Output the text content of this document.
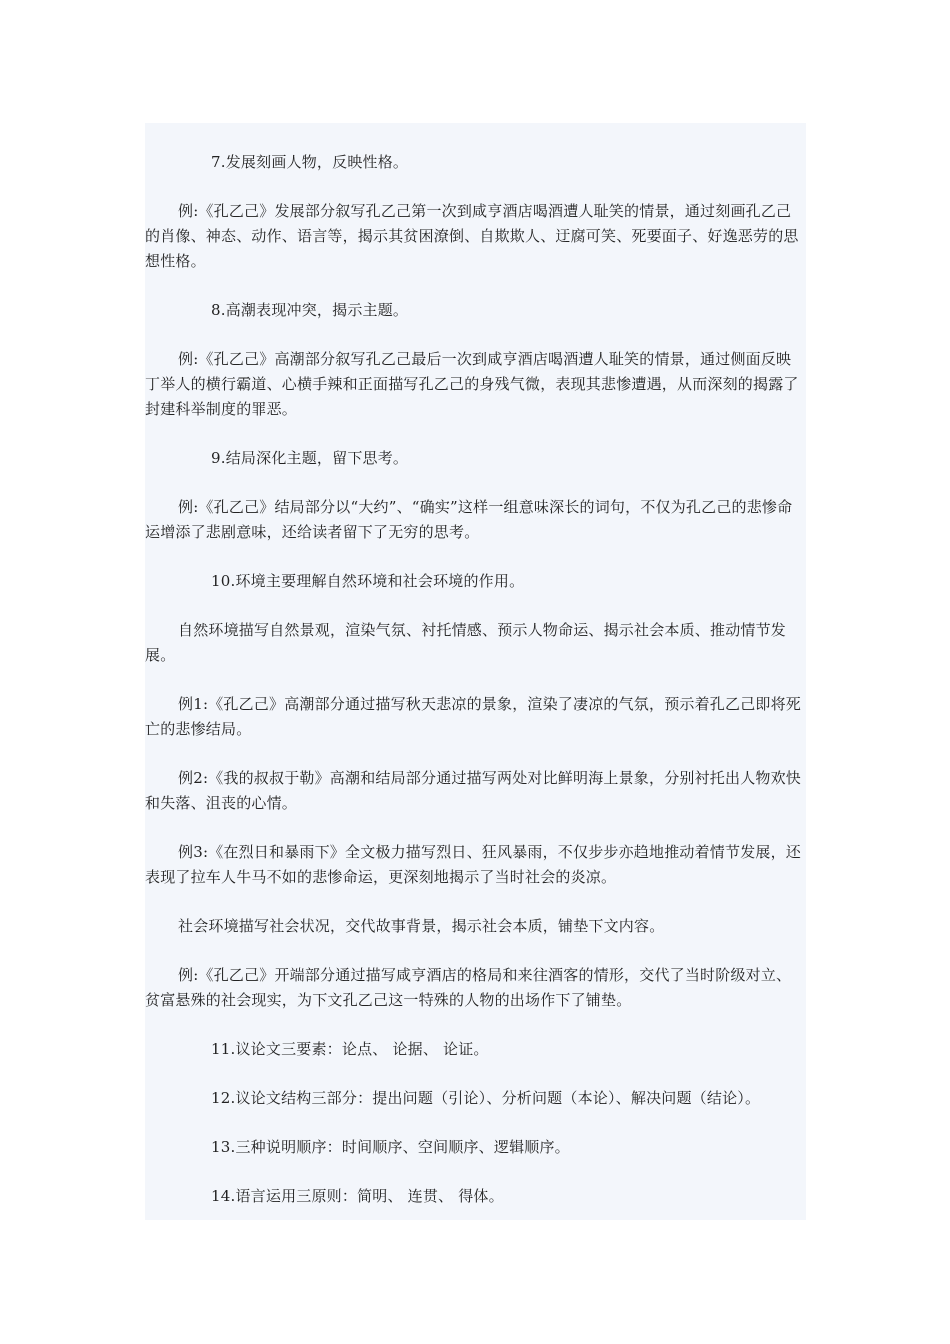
7.发展刻画人物，反映性格。

例:《孔乙己》发展部分叙写孔乙己第一次到咸亨酒店喝酒遭人耻笑的情景，通过刻画孔乙己的肖像、神态、动作、语言等，揭示其贫困潦倒、自欺欺人、迂腐可笑、死要面子、好逸恶劳的思想性格。

8.高潮表现冲突，揭示主题。

例:《孔乙己》高潮部分叙写孔乙己最后一次到咸亨酒店喝酒遭人耻笑的情景，通过侧面反映丁举人的横行霸道、心横手辣和正面描写孔乙己的身残气微，表现其悲惨遭遇，从而深刻的揭露了封建科举制度的罪恶。

9.结局深化主题，留下思考。

例:《孔乙己》结局部分以“大约”、“确实”这样一组意味深长的词句，不仅为孔乙己的悲惨命运增添了悲剧意味，还给读者留下了无穷的思考。

10.环境主要理解自然环境和社会环境的作用。

自然环境描写自然景观，渲染气氛、衬托情感、预示人物命运、揭示社会本质、推动情节发展。

例1:《孔乙己》高潮部分通过描写秋天悲凉的景象，渲染了凄凉的气氛，预示着孔乙己即将死亡的悲惨结局。

例2:《我的叔叔于勒》高潮和结局部分通过描写两处对比鲜明海上景象，分别衬托出人物欢快和失落、沮丧的心情。

例3:《在烈日和暴雨下》全文极力描写烈日、狂风暴雨，不仅步步亦趋地推动着情节发展，还表现了拉车人牛马不如的悲惨命运，更深刻地揭示了当时社会的炎凉。

社会环境描写社会状况，交代故事背景，揭示社会本质，铺垫下文内容。

例:《孔乙己》开端部分通过描写咸亨酒店的格局和来往酒客的情形，交代了当时阶级对立、贫富悬殊的社会现实，为下文孔乙己这一特殊的人物的出场作下了铺垫。

11.议论文三要素：论点、 论据、 论证。

12.议论文结构三部分：提出问题（引论）、分析问题（本论）、解决问题（结论）。

13.三种说明顺序：时间顺序、空间顺序、逻辑顺序。

14.语言运用三原则：简明、 连贯、 得体。
